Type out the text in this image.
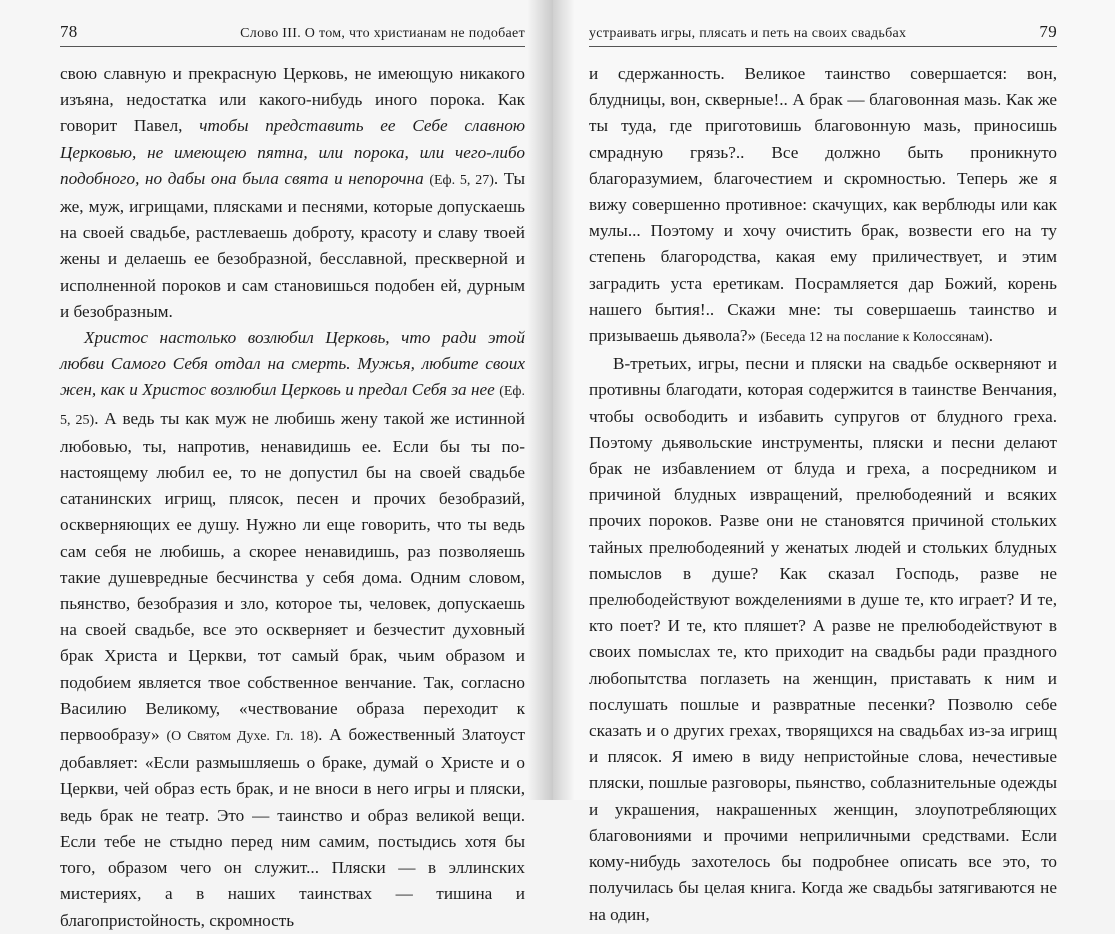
78	Слово III. О том, что христианам не подобает

свою славную и прекрасную Церковь, не имеющую никакого изъяна, недостатка или какого-нибудь иного порока. Как говорит Павел, чтобы представить ее Себе славною Церковью, не имеющею пятна, или порока, или чего-либо подобного, но дабы она была свята и непорочна (Еф. 5, 27). Ты же, муж, игрищами, плясками и песнями, которые допускаешь на своей свадьбе, растлеваешь доброту, красоту и славу твоей жены и делаешь ее безобразной, бесславной, прескверной и исполненной пороков и сам становишься подобен ей, дурным и безобразным.

Христос настолько возлюбил Церковь, что ради этой любви Самого Себя отдал на смерть. Мужья, любите своих жен, как и Христос возлюбил Церковь и предал Себя за нее (Еф. 5, 25). А ведь ты как муж не любишь жену такой же истинной любовью, ты, напротив, ненавидишь ее. Если бы ты по-настоящему любил ее, то не допустил бы на своей свадьбе сатанинских игрищ, плясок, песен и прочих безобразий, оскверняющих ее душу. Нужно ли еще говорить, что ты ведь сам себя не любишь, а скорее ненавидишь, раз позволяешь такие душевредные бесчинства у себя дома. Одним словом, пьянство, безобразия и зло, которое ты, человек, допускаешь на своей свадьбе, все это оскверняет и безчестит духовный брак Христа и Церкви, тот самый брак, чьим образом и подобием является твое собственное венчание. Так, согласно Василию Великому, «чествование образа переходит к первообразу» (О Святом Духе. Гл. 18). А божественный Златоуст добавляет: «Если размышляешь о браке, думай о Христе и о Церкви, чей образ есть брак, и не вноси в него игры и пляски, ведь брак не театр. Это — таинство и образ великой вещи. Если тебе не стыдно перед ним самим, постыдись хотя бы того, образом чего он служит... Пляски — в эллинских мистериях, а в наших таинствах — тишина и благопристойность, скромность

устраивать игры, плясать и петь на своих свадьбах	79

и сдержанность. Великое таинство совершается: вон, блудницы, вон, скверные!.. А брак — благовонная мазь. Как же ты туда, где приготовишь благовонную мазь, приносишь смрадную грязь?.. Все должно быть проникнуто благоразумием, благочестием и скромностью. Теперь же я вижу совершенно противное: скачущих, как верблюды или как мулы... Поэтому и хочу очистить брак, возвести его на ту степень благородства, какая ему приличествует, и этим заградить уста еретикам. Посрамляется дар Божий, корень нашего бытия!.. Скажи мне: ты совершаешь таинство и призываешь дьявола?» (Беседа 12 на послание к Колоссянам).

В-третьих, игры, песни и пляски на свадьбе оскверняют и противны благодати, которая содержится в таинстве Венчания, чтобы освободить и избавить супругов от блудного греха. Поэтому дьявольские инструменты, пляски и песни делают брак не избавлением от блуда и греха, а посредником и причиной блудных извращений, прелюбодеяний и всяких прочих пороков. Разве они не становятся причиной стольких тайных прелюбодеяний у женатых людей и стольких блудных помыслов в душе? Как сказал Господь, разве не прелюбодействуют вожделениями в душе те, кто играет? И те, кто поет? И те, кто пляшет? А разве не прелюбодействуют в своих помыслах те, кто приходит на свадьбы ради праздного любопытства поглазеть на женщин, приставать к ним и послушать пошлые и развратные песенки? Позволю себе сказать и о других грехах, творящихся на свадьбах из-за игрищ и плясок. Я имею в виду непристойные слова, нечестивые пляски, пошлые разговоры, пьянство, соблазнительные одежды и украшения, накрашенных женщин, злоупотребляющих благовониями и прочими неприличными средствами. Если кому-нибудь захотелось бы подробнее описать все это, то получилась бы целая книга. Когда же свадьбы затягиваются не на один,
